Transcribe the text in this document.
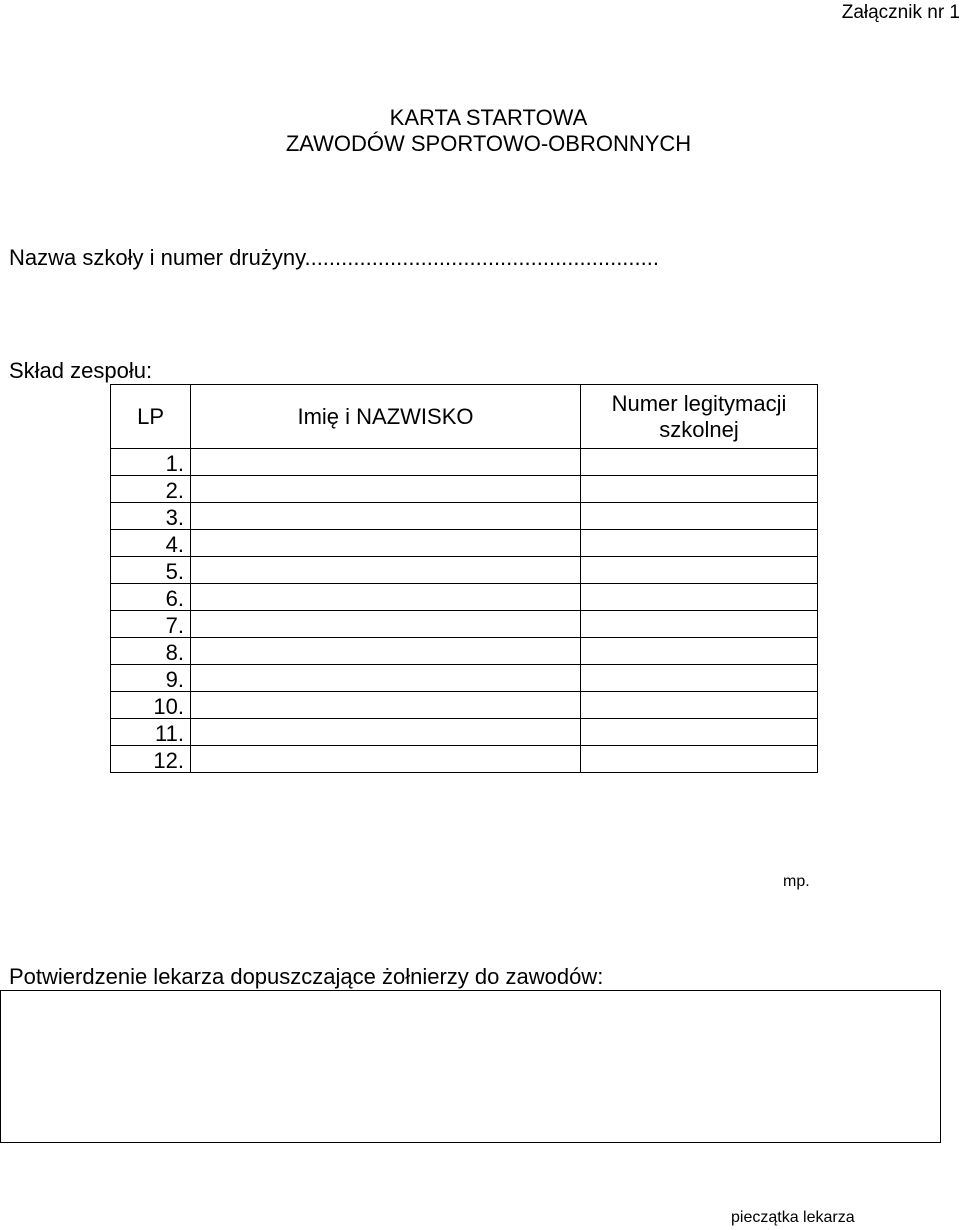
Załącznik nr 1
KARTA STARTOWA
ZAWODÓW SPORTOWO-OBRONNYCH
Nazwa szkoły i numer drużyny..........................................................
Skład zespołu:
LP	Imię i NAZWISKO	Numer legitymacji szkolnej
1.		
2.		
3.		
4.		
5.		
6.		
7.		
8.		
9.		
10.		
11.		
12.		
mp.
Potwierdzenie lekarza dopuszczające żołnierzy do zawodów:
pieczątka lekarza
